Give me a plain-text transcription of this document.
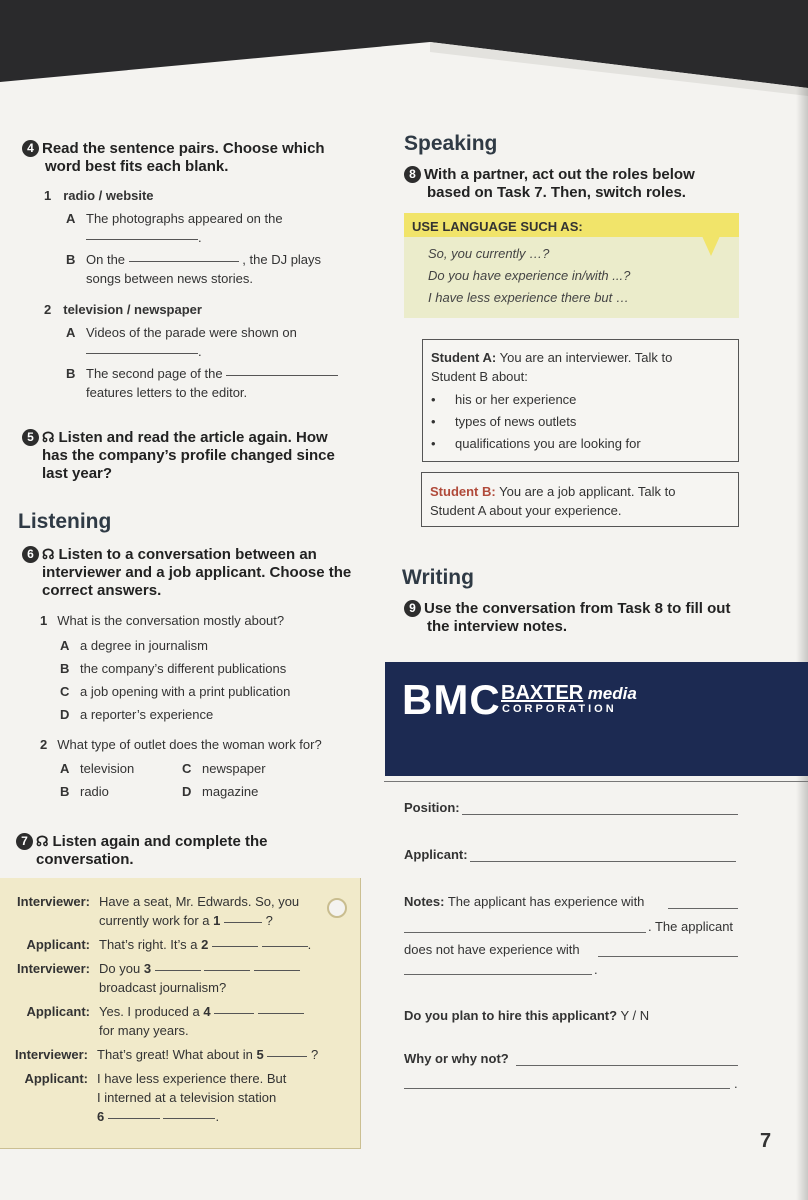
4 Read the sentence pairs. Choose which
word best fits each blank.
1 radio / website
A The photographs appeared on the
.
B On the	, the DJ plays
songs between news stories.
2 television / newspaper
A Videos of the parade were shown on
.
B The second page of the
features letters to the editor.
5 ☊ Listen and read the article again. How
has the company’s profile changed since
last year?
Listening
6 ☊ Listen to a conversation between an
interviewer and a job applicant. Choose the
correct answers.
1 What is the conversation mostly about?
A a degree in journalism
B the company’s different publications
C a job opening with a print publication
D a reporter’s experience
2 What type of outlet does the woman work for?
A television	C newspaper
B radio	D magazine
7 ☊ Listen again and complete the
conversation.
Interviewer: Have a seat, Mr. Edwards. So, you
currently work for a 1	?
Applicant: That’s right. It’s a 2	.
Interviewer: Do you 3
broadcast journalism?
Applicant: Yes. I produced a 4
for many years.
Interviewer: That’s great! What about in 5	?
Applicant: I have less experience there. But
I interned at a television station
6	.
Speaking
8 With a partner, act out the roles below
based on Task 7. Then, switch roles.
USE LANGUAGE SUCH AS:
So, you currently …?
Do you have experience in/with ...?
I have less experience there but …
Student A: You are an interviewer. Talk to
Student B about:
• his or her experience
• types of news outlets
• qualifications you are looking for
Student B: You are a job applicant. Talk to
Student A about your experience.
Writing
9 Use the conversation from Task 8 to fill out
the interview notes.
BMC BAXTER media
CORPORATION
Position:
Applicant:
Notes: The applicant has experience with
. The applicant
does not have experience with
.
Do you plan to hire this applicant? Y / N
Why or why not?
.
7
